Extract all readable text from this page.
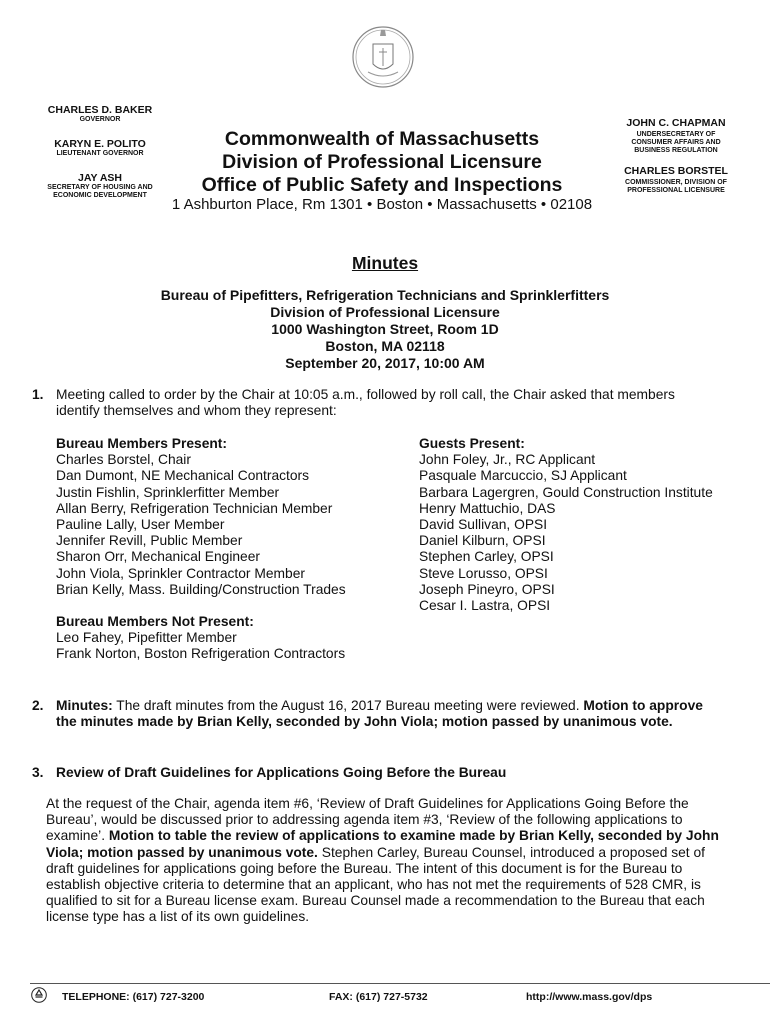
CHARLES D. BAKER
GOVERNOR
KARYN E. POLITO
LIEUTENANT GOVERNOR
JAY ASH
SECRETARY OF HOUSING AND
ECONOMIC DEVELOPMENT
JOHN C. CHAPMAN
UNDERSECRETARY OF
CONSUMER AFFAIRS AND
BUSINESS REGULATION
CHARLES BORSTEL
COMMISSIONER, DIVISION OF
PROFESSIONAL LICENSURE
Commonwealth of Massachusetts
Division of Professional Licensure
Office of Public Safety and Inspections
1 Ashburton Place, Rm 1301 • Boston • Massachusetts • 02108
Minutes
Bureau of Pipefitters, Refrigeration Technicians and Sprinklerfitters
Division of Professional Licensure
1000 Washington Street, Room 1D
Boston, MA 02118
September 20, 2017, 10:00 AM
1. Meeting called to order by the Chair at 10:05 a.m., followed by roll call, the Chair asked that members
identify themselves and whom they represent:
Bureau Members Present:
Charles Borstel, Chair
Dan Dumont, NE Mechanical Contractors
Justin Fishlin, Sprinklerfitter Member
Allan Berry, Refrigeration Technician Member
Pauline Lally, User Member
Jennifer Revill, Public Member
Sharon Orr, Mechanical Engineer
John Viola, Sprinkler Contractor Member
Brian Kelly, Mass. Building/Construction Trades
Bureau Members Not Present:
Leo Fahey, Pipefitter Member
Frank Norton, Boston Refrigeration Contractors
Guests Present:
John Foley, Jr., RC Applicant
Pasquale Marcuccio, SJ Applicant
Barbara Lagergren, Gould Construction Institute
Henry Mattuchio, DAS
David Sullivan, OPSI
Daniel Kilburn, OPSI
Stephen Carley, OPSI
Steve Lorusso, OPSI
Joseph Pineyro, OPSI
Cesar I. Lastra, OPSI
2. Minutes: The draft minutes from the August 16, 2017 Bureau meeting were reviewed. Motion to approve
the minutes made by Brian Kelly, seconded by John Viola; motion passed by unanimous vote.
3. Review of Draft Guidelines for Applications Going Before the Bureau
At the request of the Chair, agenda item #6, ‘Review of Draft Guidelines for Applications Going Before the
Bureau’, would be discussed prior to addressing agenda item #3, ‘Review of the following applications to
examine’. Motion to table the review of applications to examine made by Brian Kelly, seconded by John
Viola; motion passed by unanimous vote. Stephen Carley, Bureau Counsel, introduced a proposed set of
draft guidelines for applications going before the Bureau. The intent of this document is for the Bureau to
establish objective criteria to determine that an applicant, who has not met the requirements of 528 CMR, is
qualified to sit for a Bureau license exam. Bureau Counsel made a recommendation to the Bureau that each
license type has a list of its own guidelines.
TELEPHONE: (617) 727-3200	FAX: (617) 727-5732	http://www.mass.gov/dps
